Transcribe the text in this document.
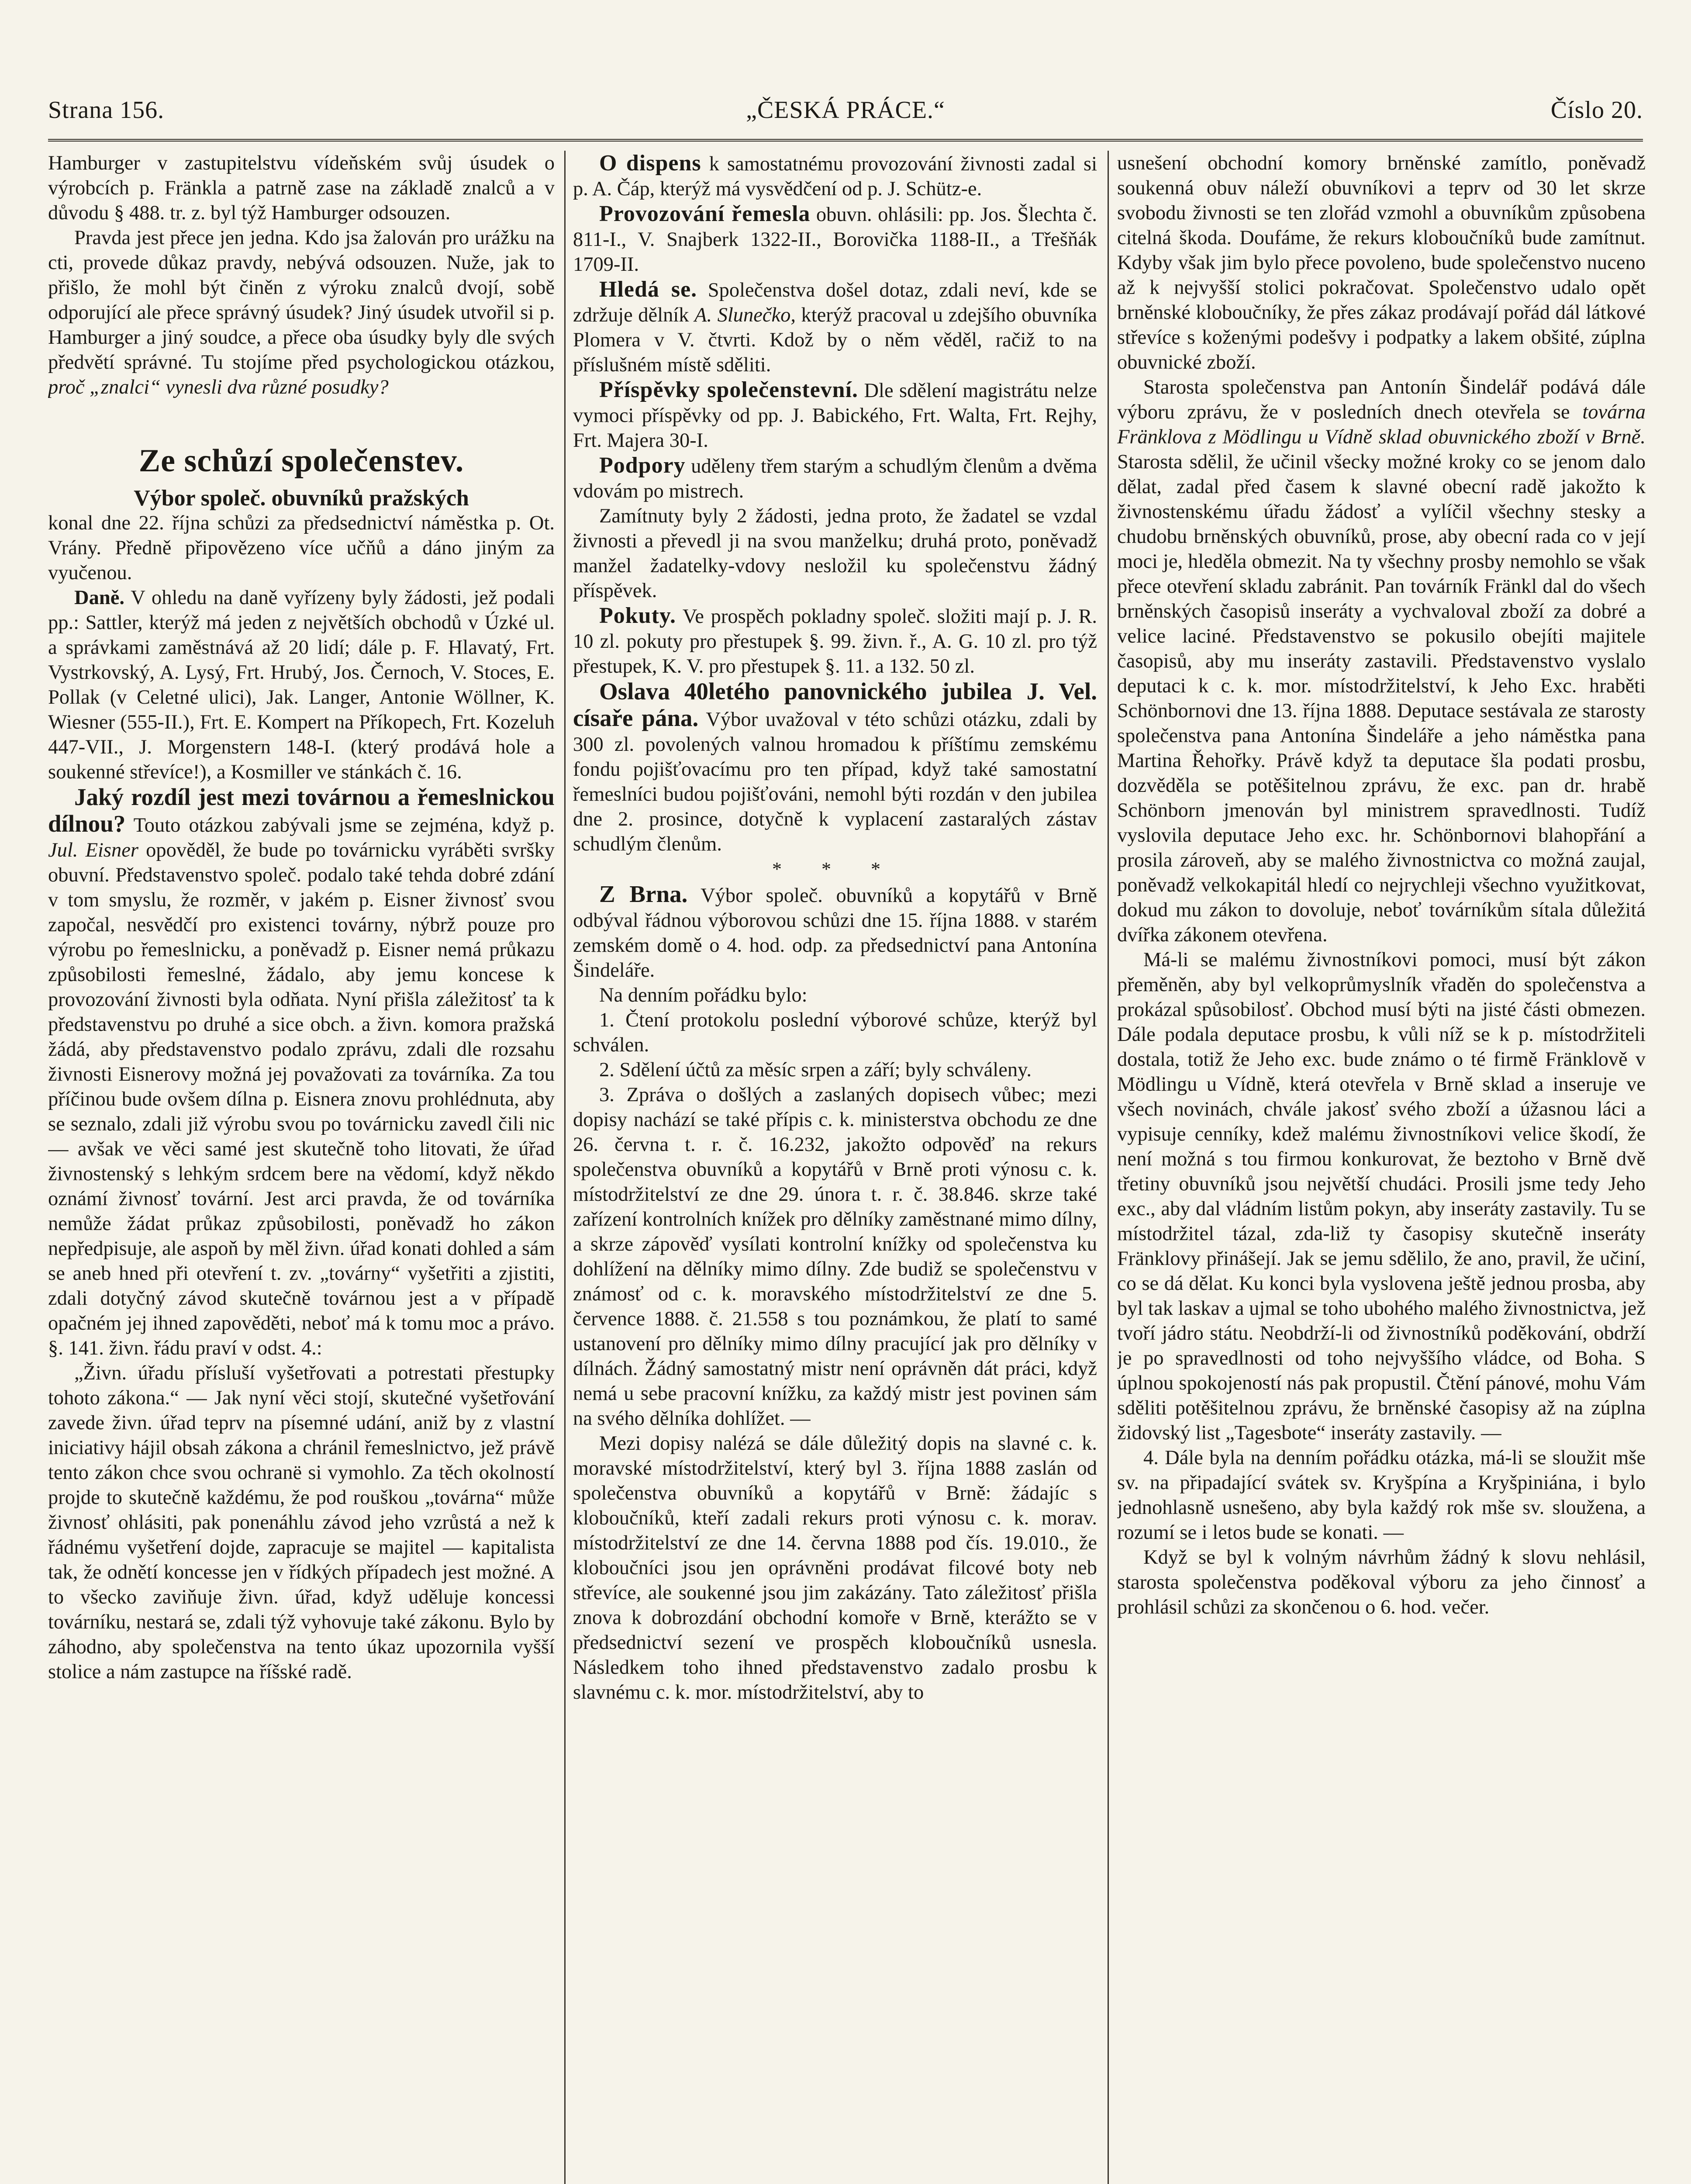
Strana 156.	„ČESKÁ PRÁCE.“	Číslo 20.

Hamburger v zastupitelstvu vídeňském svůj úsudek o výrobcích p. Fränkla a patrně zase na základě znalců a v důvodu § 488. tr. z. byl týž Hamburger odsouzen.

Pravda jest přece jen jedna. Kdo jsa žalován pro urážku na cti, provede důkaz pravdy, nebývá odsouzen. Nuže, jak to přišlo, že mohl být činěn z výroku znalců dvojí, sobě odporující ale přece správný úsudek? Jiný úsudek utvořil si p. Hamburger a jiný soudce, a přece oba úsudky byly dle svých předvětí správné. Tu stojíme před psychologickou otázkou, proč „znalci“ vynesli dva různé posudky?

Ze schůzí společenstev.

Výbor společ. obuvníků pražských

konal dne 22. října schůzi za předsednictví náměstka p. Ot. Vrány. Předně připovězeno více učňů a dáno jiným za vyučenou.

Daně. V ohledu na daně vyřízeny byly žádosti, jež podali pp.: Sattler, kterýž má jeden z největších obchodů v Úzké ul. a správkami zaměstnává až 20 lidí; dále p. F. Hlavatý, Frt. Vystrkovský, A. Lysý, Frt. Hrubý, Jos. Černoch, V. Stoces, E. Pollak (v Celetné ulici), Jak. Langer, Antonie Wöllner, K. Wiesner (555-II.), Frt. E. Kompert na Příkopech, Frt. Kozeluh 447-VII., J. Morgenstern 148-I. (který prodává hole a soukenné střevíce!), a Kosmiller ve stánkách č. 16.

Jaký rozdíl jest mezi továrnou a řemeslnickou dílnou? Touto otázkou zabývali jsme se zejména, když p. Jul. Eisner opověděl, že bude po továrnicku vyráběti svršky obuvní. Představenstvo společ. podalo také tehda dobré zdání v tom smyslu, že rozměr, v jakém p. Eisner živnosť svou započal, nesvědčí pro existenci továrny, nýbrž pouze pro výrobu po řemeslnicku, a poněvadž p. Eisner nemá průkazu způsobilosti řemeslné, žádalo, aby jemu koncese k provozování živnosti byla odňata. Nyní přišla záležitosť ta k představenstvu po druhé a sice obch. a živn. komora pražská žádá, aby představenstvo podalo zprávu, zdali dle rozsahu živnosti Eisnerovy možná jej považovati za továrníka. Za tou příčinou bude ovšem dílna p. Eisnera znovu prohlédnuta, aby se seznalo, zdali již výrobu svou po továrnicku zavedl čili nic — avšak ve věci samé jest skutečně toho litovati, že úřad živnostenský s lehkým srdcem bere na vědomí, když někdo oznámí živnosť tovární. Jest arci pravda, že od továrníka nemůže žádat průkaz způsobilosti, poněvadž ho zákon nepředpisuje, ale aspoň by měl živn. úřad konati dohled a sám se aneb hned při otevření t. zv. „továrny“ vyšetřiti a zjistiti, zdali dotyčný závod skutečně továrnou jest a v případě opačném jej ihned zapověděti, neboť má k tomu moc a právo. §. 141. živn. řádu praví v odst. 4.:

„Živn. úřadu přísluší vyšetřovati a potrestati přestupky tohoto zákona.“ — Jak nyní věci stojí, skutečné vyšetřování zavede živn. úřad teprv na písemné udání, aniž by z vlastní iniciativy hájil obsah zákona a chránil řemeslnictvo, jež právě tento zákon chce svou ochranë si vymohlo. Za těch okolností projde to skutečně každému, že pod rouškou „továrna“ může živnosť ohlásiti, pak ponenáhlu závod jeho vzrůstá a než k řádnému vyšetření dojde, zapracuje se majitel — kapitalista tak, že odnětí koncesse jen v řídkých případech jest možné. A to všecko zaviňuje živn. úřad, když uděluje koncessi továrníku, nestará se, zdali týž vyhovuje také zákonu. Bylo by záhodno, aby společenstva na tento úkaz upozornila vyšší stolice a nám zastupce na říšské radě.

O dispens k samostatnému provozování živnosti zadal si p. A. Čáp, kterýž má vysvědčení od p. J. Schütz-e.

Provozování řemesla obuvn. ohlásili: pp. Jos. Šlechta č. 811-I., V. Snajberk 1322-II., Borovička 1188-II., a Třešňák 1709-II.

Hledá se. Společenstva došel dotaz, zdali neví, kde se zdržuje dělník A. Slunečko, kterýž pracoval u zdejšího obuvníka Plomera v V. čtvrti. Kdož by o něm věděl, račiž to na příslušném místě sděliti.

Příspěvky společenstevní. Dle sdělení magistrátu nelze vymoci příspěvky od pp. J. Babického, Frt. Walta, Frt. Rejhy, Frt. Majera 30-I.

Podpory uděleny třem starým a schudlým členům a dvěma vdovám po mistrech.

Zamítnuty byly 2 žádosti, jedna proto, že žadatel se vzdal živnosti a převedl ji na svou manželku; druhá proto, poněvadž manžel žadatelky-vdovy nesložil ku společenstvu žádný příspěvek.

Pokuty. Ve prospěch pokladny společ. složiti mají p. J. R. 10 zl. pokuty pro přestupek §. 99. živn. ř., A. G. 10 zl. pro týž přestupek, K. V. pro přestupek §. 11. a 132. 50 zl.

Oslava 40letého panovnického jubilea J. Vel. císaře pána. Výbor uvažoval v této schůzi otázku, zdali by 300 zl. povolených valnou hromadou k příštímu zemskému fondu pojišťovacímu pro ten případ, když také samostatní řemeslníci budou pojišťováni, nemohl býti rozdán v den jubilea dne 2. prosince, dotyčně k vyplacení zastaralých zástav schudlým členům.

* * *

Z Brna. Výbor společ. obuvníků a kopytářů v Brně odbýval řádnou výborovou schůzi dne 15. října 1888. v starém zemském domě o 4. hod. odp. za předsednictví pana Antonína Šindeláře.

Na denním pořádku bylo:

1. Čtení protokolu poslední výborové schůze, kterýž byl schválen.

2. Sdělení účtů za měsíc srpen a září; byly schváleny.

3. Zpráva o došlých a zaslaných dopisech vůbec; mezi dopisy nachází se také přípis c. k. ministerstva obchodu ze dne 26. června t. r. č. 16.232, jakožto odpověď na rekurs společenstva obuvníků a kopytářů v Brně proti výnosu c. k. místodržitelství ze dne 29. února t. r. č. 38.846. skrze také zařízení kontrolních knížek pro dělníky zaměstnané mimo dílny, a skrze zápověď vysílati kontrolní knížky od společenstva ku dohlížení na dělníky mimo dílny. Zde budiž se společenstvu v známosť od c. k. moravského místodržitelství ze dne 5. července 1888. č. 21.558 s tou poznámkou, že platí to samé ustanovení pro dělníky mimo dílny pracující jak pro dělníky v dílnách. Žádný samostatný mistr není oprávněn dát práci, když nemá u sebe pracovní knížku, za každý mistr jest povinen sám na svého dělníka dohlížet. —

Mezi dopisy nalézá se dále důležitý dopis na slavné c. k. moravské místodržitelství, který byl 3. října 1888 zaslán od společenstva obuvníků a kopytářů v Brně: žádajíc s kloboučníků, kteří zadali rekurs proti výnosu c. k. morav. místodržitelství ze dne 14. června 1888 pod čís. 19.010., že kloboučníci jsou jen oprávněni prodávat filcové boty neb střevíce, ale soukenné jsou jim zakázány. Tato záležitosť přišla znova k dobrozdání obchodní komoře v Brně, kterážto se v předsednictví sezení ve prospěch kloboučníků usnesla. Následkem toho ihned představenstvo zadalo prosbu k slavnému c. k. mor. místodržitelství, aby to

usnešení obchodní komory brněnské zamítlo, poněvadž soukenná obuv náleží obuvníkovi a teprv od 30 let skrze svobodu živnosti se ten zlořád vzmohl a obuvníkům způsobena citelná škoda. Doufáme, že rekurs kloboučníků bude zamítnut. Kdyby však jim bylo přece povoleno, bude společenstvo nuceno až k nejvyšší stolici pokračovat. Společenstvo udalo opět brněnské kloboučníky, že přes zákaz prodávají pořád dál látkové střevíce s koženými podešvy i podpatky a lakem obšité, zúplna obuvnické zboží.

Starosta společenstva pan Antonín Šindelář podává dále výboru zprávu, že v posledních dnech otevřela se továrna Fränklova z Mödlingu u Vídně sklad obuvnického zboží v Brně. Starosta sdělil, že učinil všecky možné kroky co se jenom dalo dělat, zadal před časem k slavné obecní radě jakožto k živnostenskému úřadu žádosť a vylíčil všechny stesky a chudobu brněnských obuvníků, prose, aby obecní rada co v její moci je, hleděla obmezit. Na ty všechny prosby nemohlo se však přece otevření skladu zabránit. Pan továrník Fränkl dal do všech brněnských časopisů inseráty a vychvaloval zboží za dobré a velice laciné. Představenstvo se pokusilo obejíti majitele časopisů, aby mu inseráty zastavili. Představenstvo vyslalo deputaci k c. k. mor. místodržitelství, k Jeho Exc. hraběti Schönbornovi dne 13. října 1888. Deputace sestávala ze starosty společenstva pana Antonína Šindeláře a jeho náměstka pana Martina Řehořky. Právě když ta deputace šla podati prosbu, dozvěděla se potěšitelnou zprávu, že exc. pan dr. hrabě Schönborn jmenován byl ministrem spravedlnosti. Tudíž vyslovila deputace Jeho exc. hr. Schönbornovi blahopřání a prosila zároveň, aby se malého živnostnictva co možná zaujal, poněvadž velkokapitál hledí co nejrychleji všechno využitkovat, dokud mu zákon to dovoluje, neboť továrníkům sítala důležitá dvířka zákonem otevřena.

Má-li se malému živnostníkovi pomoci, musí být zákon přeměněn, aby byl velkoprůmyslník vřaděn do společenstva a prokázal spůsobilosť. Obchod musí býti na jisté části obmezen. Dále podala deputace prosbu, k vůli níž se k p. místodržiteli dostala, totiž že Jeho exc. bude známo o té firmě Fränklově v Mödlingu u Vídně, která otevřela v Brně sklad a inseruje ve všech novinách, chvále jakosť svého zboží a úžasnou láci a vypisuje cenníky, kdež malému živnostníkovi velice škodí, že není možná s tou firmou konkurovat, že beztoho v Brně dvě třetiny obuvníků jsou největší chudáci. Prosili jsme tedy Jeho exc., aby dal vládním listům pokyn, aby inseráty zastavily. Tu se místodržitel tázal, zda-liž ty časopisy skutečně inseráty Fränklovy přinášejí. Jak se jemu sdělilo, že ano, pravil, že učiní, co se dá dělat. Ku konci byla vyslovena ještě jednou prosba, aby byl tak laskav a ujmal se toho ubohého malého živnostnictva, jež tvoří jádro státu. Neobdrží-li od živnostníků poděkování, obdrží je po spravedlnosti od toho nejvyššího vládce, od Boha. S úplnou spokojeností nás pak propustil. Čtění pánové, mohu Vám sděliti potěšitelnou zprávu, že brněnské časopisy až na zúplna židovský list „Tagesbote“ inseráty zastavily. —

4. Dále byla na denním pořádku otázka, má-li se sloužit mše sv. na připadající svátek sv. Kryšpína a Kryšpiniána, i bylo jednohlasně usnešeno, aby byla každý rok mše sv. sloužena, a rozumí se i letos bude se konati. —

Když se byl k volným návrhům žádný k slovu nehlásil, starosta společenstva poděkoval výboru za jeho činnosť a prohlásil schůzi za skončenou o 6. hod. večer.
